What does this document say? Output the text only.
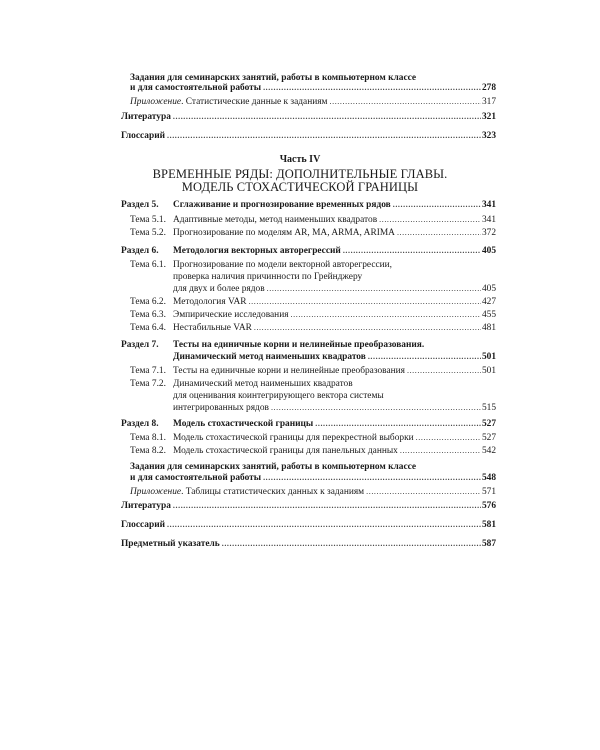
Задания для семинарских занятий, работы в компьютерном классе
и для самостоятельной работы .....	278
Приложение. Статистические данные к заданиям .....	317
Литература .....	321
Глоссарий .....	323
Часть IV
ВРЕМЕННЫЕ РЯДЫ: ДОПОЛНИТЕЛЬНЫЕ ГЛАВЫ.
МОДЕЛЬ СТОХАСТИЧЕСКОЙ ГРАНИЦЫ
Раздел 5. Сглаживание и прогнозирование временных рядов .....	341
Тема 5.1. Адаптивные методы, метод наименьших квадратов .....	341
Тема 5.2. Прогнозирование по моделям AR, MA, ARMA, ARIMA .....	372
Раздел 6. Методология векторных авторегрессий .....	405
Тема 6.1. Прогнозирование по модели векторной авторегрессии,
проверка наличия причинности по Грейнджеру
для двух и более рядов .....	405
Тема 6.2. Методология VAR .....	427
Тема 6.3. Эмпирические исследования .....	455
Тема 6.4. Нестабильные VAR .....	481
Раздел 7. Тесты на единичные корни и нелинейные преобразования.
Динамический метод наименьших квадратов .....	501
Тема 7.1. Тесты на единичные корни и нелинейные преобразования .....	501
Тема 7.2. Динамический метод наименьших квадратов
для оценивания коинтегрирующего вектора системы
интегрированных рядов .....	515
Раздел 8. Модель стохастической границы .....	527
Тема 8.1. Модель стохастической границы для перекрестной выборки .....	527
Тема 8.2. Модель стохастической границы для панельных данных .....	542
Задания для семинарских занятий, работы в компьютерном классе
и для самостоятельной работы .....	548
Приложение. Таблицы статистических данных к заданиям .....	571
Литература .....	576
Глоссарий .....	581
Предметный указатель .....	587
